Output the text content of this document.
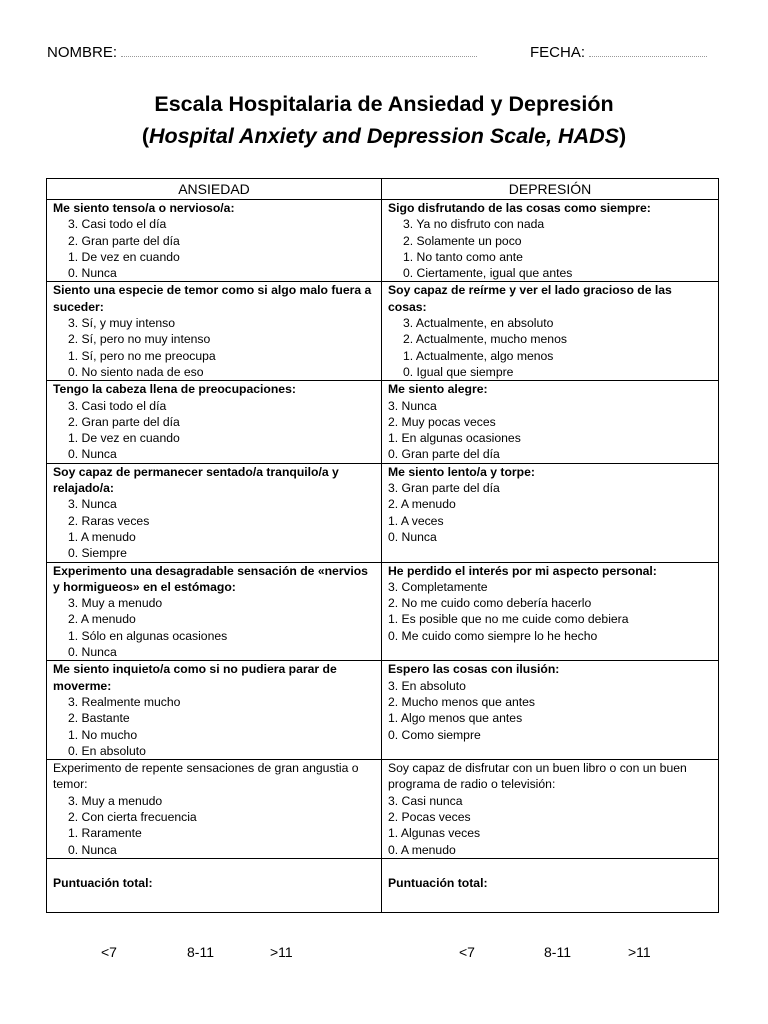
NOMBRE:	FECHA:
Escala Hospitalaria de Ansiedad y Depresión
(Hospital Anxiety and Depression Scale, HADS)
ANSIEDAD	DEPRESIÓN

Me siento tenso/a o nervioso/a:
3. Casi todo el día
2. Gran parte del día
1. De vez en cuando
0. Nunca	Sigo disfrutando de las cosas como siempre:
3. Ya no disfruto con nada
2. Solamente un poco
1. No tanto como ante
0. Ciertamente, igual que antes

Siento una especie de temor como si algo malo fuera a suceder:
3. Sí, y muy intenso
2. Sí, pero no muy intenso
1. Sí, pero no me preocupa
0. No siento nada de eso	Soy capaz de reírme y ver el lado gracioso de las cosas:
3. Actualmente, en absoluto
2. Actualmente, mucho menos
1. Actualmente, algo menos
0. Igual que siempre

Tengo la cabeza llena de preocupaciones:
3. Casi todo el día
2. Gran parte del día
1. De vez en cuando
0. Nunca	Me siento alegre:
3. Nunca
2. Muy pocas veces
1. En algunas ocasiones
0. Gran parte del día

Soy capaz de permanecer sentado/a tranquilo/a y relajado/a:
3. Nunca
2. Raras veces
1. A menudo
0. Siempre	Me siento lento/a y torpe:
3. Gran parte del día
2. A menudo
1. A veces
0. Nunca

Experimento una desagradable sensación de «nervios y hormigueos» en el estómago:
3. Muy a menudo
2. A menudo
1. Sólo en algunas ocasiones
0. Nunca	He perdido el interés por mi aspecto personal:
3. Completamente
2. No me cuido como debería hacerlo
1. Es posible que no me cuide como debiera
0. Me cuido como siempre lo he hecho

Me siento inquieto/a como si no pudiera parar de moverme:
3. Realmente mucho
2. Bastante
1. No mucho
0. En absoluto	Espero las cosas con ilusión:
3. En absoluto
2. Mucho menos que antes
1. Algo menos que antes
0. Como siempre

Experimento de repente sensaciones de gran angustia o temor:
3. Muy a menudo
2. Con cierta frecuencia
1. Raramente
0. Nunca	Soy capaz de disfrutar con un buen libro o con un buen programa de radio o televisión:
3. Casi nunca
2. Pocas veces
1. Algunas veces
0. A menudo

Puntuación total:	Puntuación total:
<7	8-11	>11	<7	8-11	>11
